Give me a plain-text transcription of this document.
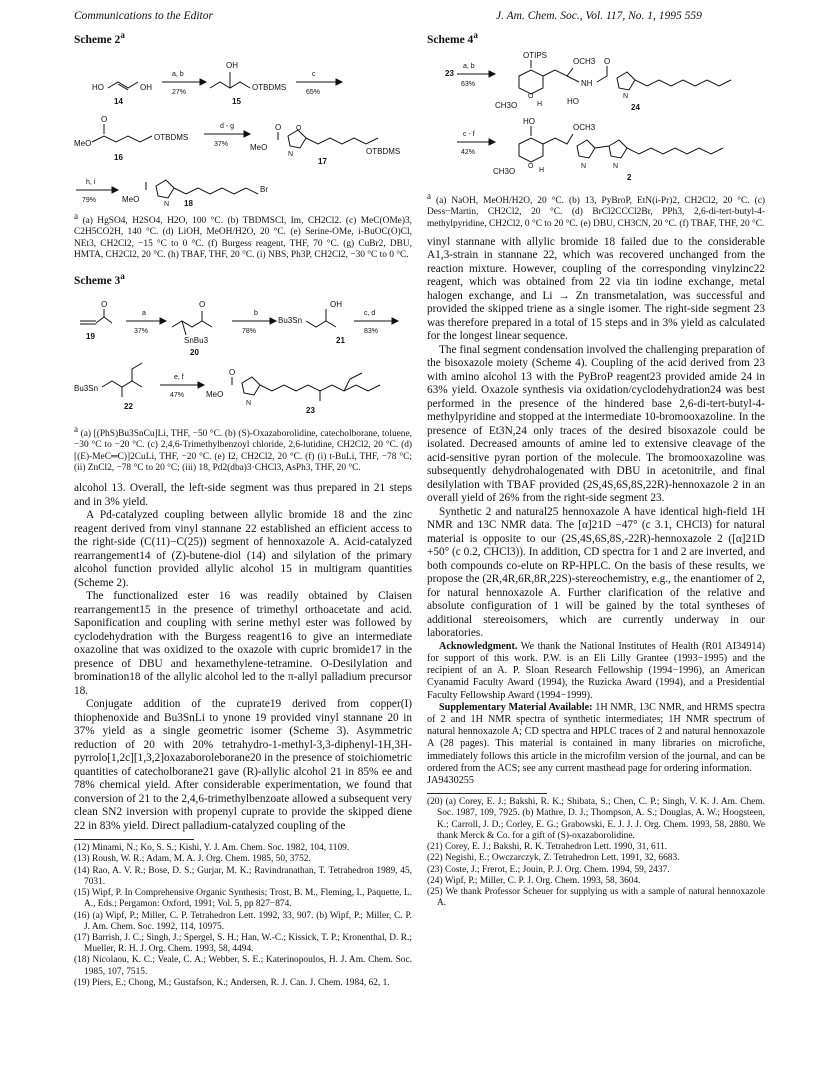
Communications to the Editor	J. Am. Chem. Soc., Vol. 117, No. 1, 1995 559

Scheme 2$^a$

HO	OH
14
a, b
27%
OH
OTBDMS
15
c
65%
MeO
O
OTBDMS
16
d - g
37%	MeO
O O
N	OTBDMS
17
h, i
79%	MeO
N
Br
18

$^a$ (a) HgSO4, H2SO4, H2O, 100 °C. (b) TBDMSCl, Im, CH2Cl2. (c) MeC(OMe)3, C2H5CO2H, 140 °C. (d) LiOH, MeOH/H2O, 20 °C. (e) Serine-OMe, i-BuOC(O)Cl, NEt3, CH2Cl2, −15 °C to 0 °C. (f) Burgess reagent, THF, 70 °C. (g) CuBr2, DBU, HMTA, CH2Cl2, 20 °C. (h) TBAF, THF, 20 °C. (i) NBS, Ph3P, CH2Cl2, −30 °C to 0 °C.

Scheme 3$^a$

O
19
a
37%
O
SnBu3
20
b
78%
Bu3Sn
OH
21
c, d
83%
Bu3Sn
22
e, f
47%	MeO
O
N
23

$^a$ (a) [(PhS)Bu3SnCu]Li, THF, −50 °C. (b) (S)-Oxazaborolidine, catecholborane, toluene, −30 °C to −20 °C. (c) 2,4,6-Trimethylbenzoyl chloride, 2,6-lutidine, CH2Cl2, 20 °C. (d) [(E)-MeC═C)]2CuLi, THF, −20 °C. (e) I2, CH2Cl2, 20 °C. (f) (i) t-BuLi, THF, −78 °C; (ii) ZnCl2, −78 °C to 20 °C; (iii) 18, Pd2(dba)3·CHCl3, AsPh3, THF, 20 °C.

alcohol 13. Overall, the left-side segment was thus prepared in 21 steps and in 3% yield.

A Pd-catalyzed coupling between allylic bromide 18 and the zinc reagent derived from vinyl stannane 22 established an efficient access to the right-side (C(11)−C(25)) segment of hennoxazole A. Acid-catalyzed rearrangement14 of (Z)-butene-diol (14) and silylation of the primary alcohol function provided allylic alcohol 15 in multigram quantities (Scheme 2).

The functionalized ester 16 was readily obtained by Claisen rearrangement15 in the presence of trimethyl orthoacetate and acid. Saponification and coupling with serine methyl ester was followed by cyclodehydration with the Burgess reagent16 to give an intermediate oxazoline that was oxidized to the oxazole with cupric bromide17 in the presence of DBU and hexamethylene-tetramine. O-Desilylation and bromination18 of the allylic alcohol led to the π-allyl palladium precursor 18.

Conjugate addition of the cuprate19 derived from copper(I) thiophenoxide and Bu3SnLi to ynone 19 provided vinyl stannane 20 in 37% yield as a single geometric isomer (Scheme 3). Asymmetric reduction of 20 with 20% tetrahydro-1-methyl-3,3-diphenyl-1H,3H-pyrrolo[1,2c][1,3,2]oxazaboroleborane20 in the presence of stoichiometric quantities of catecholborane21 gave (R)-allylic alcohol 21 in 85% ee and 78% chemical yield. After considerable experimentation, we found that conversion of 21 to the 2,4,6-trimethylbenzoate allowed a subsequent very clean SN2 inversion with propenyl cuprate to provide the skipped diene 22 in 83% yield. Direct palladium-catalyzed coupling of the

(12) Minami, N.; Ko, S. S.; Kishi, Y. J. Am. Chem. Soc. 1982, 104, 1109.
(13) Roush, W. R.; Adam, M. A. J. Org. Chem. 1985, 50, 3752.
(14) Rao, A. V. R.; Bose, D. S.; Gurjar, M. K.; Ravindranathan, T. Tetrahedron 1989, 45, 7031.
(15) Wipf, P. In Comprehensive Organic Synthesis; Trost, B. M., Fleming, I., Paquette, L. A., Eds.; Pergamon: Oxford, 1991; Vol. 5, pp 827−874.
(16) (a) Wipf, P.; Miller, C. P. Tetrahedron Lett. 1992, 33, 907. (b) Wipf, P.; Miller, C. P. J. Am. Chem. Soc. 1992, 114, 10975.
(17) Barrish, J. C.; Singh, J.; Spergel, S. H.; Han, W.-C.; Kissick, T. P.; Kronenthal, D. R.; Mueller, R. H. J. Org. Chem. 1993, 58, 4494.
(18) Nicolaou, K. C.; Veale, C. A.; Webber, S. E.; Katerinopoulos, H. J. Am. Chem. Soc. 1985, 107, 7515.
(19) Piers, E.; Chong, M.; Gustafson, K.; Andersen, R. J. Can. J. Chem. 1984, 62, 1.

Scheme 4$^a$

OTIPS
23
a, b
63%
O
H
CH3O
OCH3
NH
O
HO
N
24
HO
c - f
42%
O
H
CH3O
OCH3
N	N
2

$^a$ (a) NaOH, MeOH/H2O, 20 °C. (b) 13, PyBroP, EtN(i-Pr)2, CH2Cl2, 20 °C. (c) Dess−Martin, CH2Cl2, 20 °C. (d) BrCl2CCCl2Br, PPh3, 2,6-di-tert-butyl-4-methylpyridine, CH2Cl2, 0 °C to 20 °C. (e) DBU, CH3CN, 20 °C. (f) TBAF, THF, 20 °C.

vinyl stannane with allylic bromide 18 failed due to the considerable A1,3-strain in stannane 22, which was recovered unchanged from the reaction mixture. However, coupling of the corresponding vinylzinc22 reagent, which was obtained from 22 via tin iodine exchange, metal halogen exchange, and Li → Zn transmetalation, was successful and provided the skipped triene as a single isomer. The right-side segment 23 was therefore prepared in a total of 15 steps and in 3% yield as calculated for the longest linear sequence.

The final segment condensation involved the challenging preparation of the bisoxazole moiety (Scheme 4). Coupling of the acid derived from 23 with amino alcohol 13 with the PyBroP reagent23 provided amide 24 in 63% yield. Oxazole synthesis via oxidation/cyclodehydration24 was best performed in the presence of the hindered base 2,6-di-tert-butyl-4-methylpyridine and stopped at the intermediate 10-bromooxazoline. In the presence of Et3N,24 only traces of the desired bisoxazole could be isolated. Decreased amounts of amine led to extensive cleavage of the acid-sensitive pyran portion of the molecule. The bromooxazoline was subsequently dehydrohalogenated with DBU in acetonitrile, and final desilylation with TBAF provided (2S,4S,6S,8S,22R)-hennoxazole 2 in an overall yield of 26% from the right-side segment 23.

Synthetic 2 and natural25 hennoxazole A have identical high-field 1H NMR and 13C NMR data. The [α]21D −47° (c 3.1, CHCl3) for natural material is opposite to our (2S,4S,6S,8S,-22R)-hennoxazole 2 ([α]21D +50° (c 0.2, CHCl3)). In addition, CD spectra for 1 and 2 are inverted, and both compounds co-elute on RP-HPLC. On the basis of these results, we propose the (2R,4R,6R,8R,22S)-stereochemistry, e.g., the enantiomer of 2, for natural hennoxazole A. Further clarification of the relative and absolute configuration of 1 will be gained by the total syntheses of additional stereoisomers, which are currently underway in our laboratories.

Acknowledgment. We thank the National Institutes of Health (R01 AI34914) for support of this work. P.W. is an Eli Lilly Grantee (1993−1995) and the recipient of an A. P. Sloan Research Fellowship (1994−1996), an American Cyanamid Faculty Award (1994), the Ruzicka Award (1994), and a Presidential Faculty Fellowship Award (1994−1999).

Supplementary Material Available: 1H NMR, 13C NMR, and HRMS spectra of 2 and 1H NMR spectra of synthetic intermediates; 1H NMR spectrum of natural hennoxazole A; CD spectra and HPLC traces of 2 and natural hennoxazole A (28 pages). This material is contained in many libraries on microfiche, immediately follows this article in the microfilm version of the journal, and can be ordered from the ACS; see any current masthead page for ordering information.

JA9430255

(20) (a) Corey, E. J.; Bakshi, R. K.; Shibata, S.; Chen, C. P.; Singh, V. K. J. Am. Chem. Soc. 1987, 109, 7925. (b) Mathre, D. J.; Thompson, A. S.; Douglas, A. W.; Hoogsteen, K.; Carroll, J. D.; Corley, E. G.; Grabowski, E. J. J. J. Org. Chem. 1993, 58, 2880. We thank Merck & Co. for a gift of (S)-oxazaborolidine.
(21) Corey, E. J.; Bakshi, R. K. Tetrahedron Lett. 1990, 31, 611.
(22) Negishi, E.; Owczarczyk, Z. Tetrahedron Lett. 1991, 32, 6683.
(23) Coste, J.; Frerot, E.; Jouin, P. J. Org. Chem. 1994, 59, 2437.
(24) Wipf, P.; Miller, C. P. J. Org. Chem. 1993, 58, 3604.
(25) We thank Professor Scheuer for supplying us with a sample of natural hennoxazole A.
